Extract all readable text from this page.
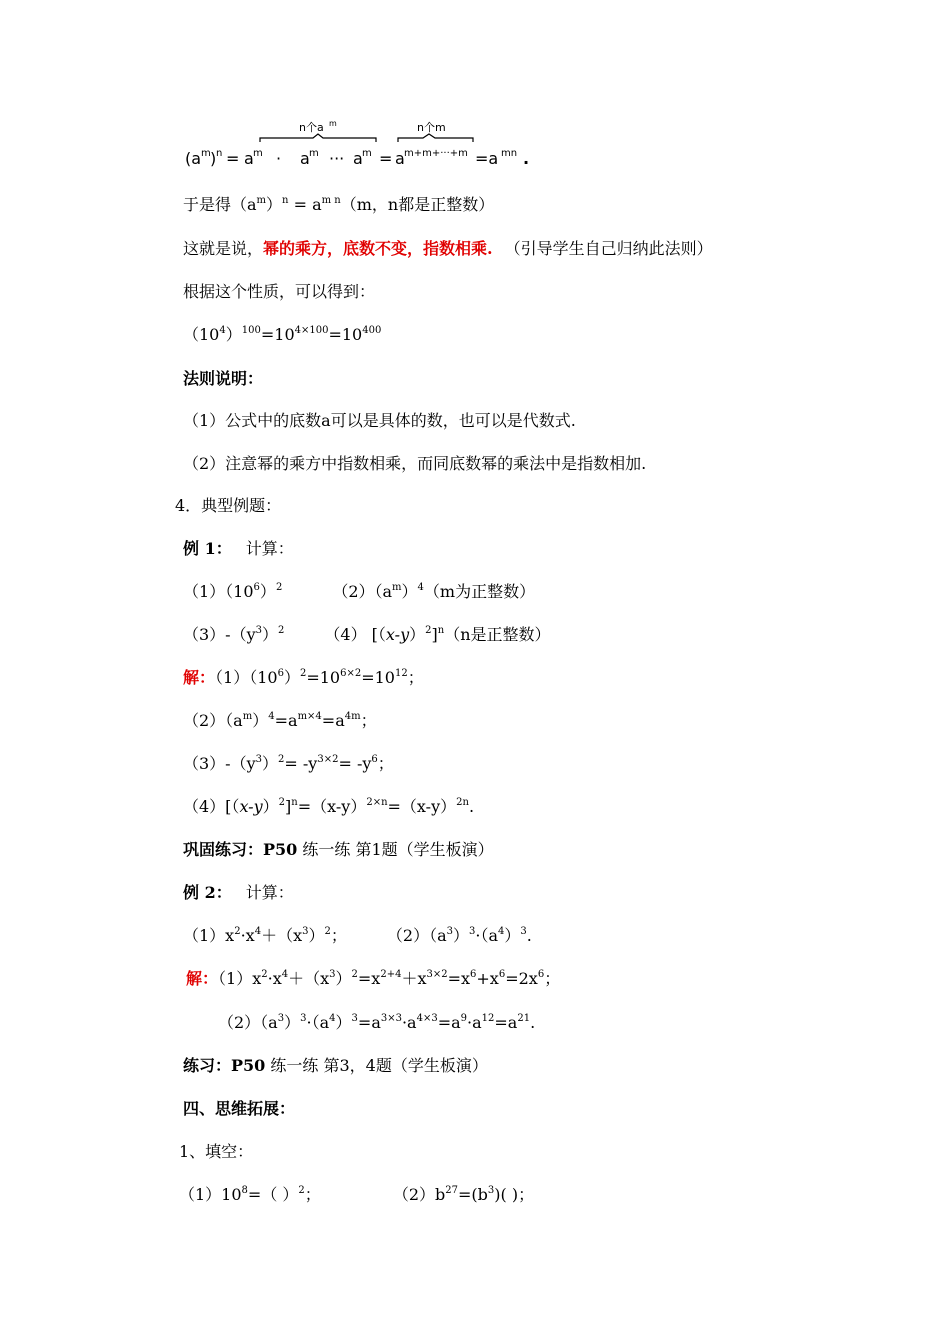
(a m ) n = a m · a m ··· a m
n个a m
= a m+m+···+m
n个m
=a mn .
于是得$(a^m)^n = a^{m n}(m$，n都是正整数）
这就是说，幂的乘方，底数不变，指数相乘. （引导学生自己归纳此法则）
根据这个性质，可以得到：
$(10^4)^{100}=10^{4\times 100}=10^{400}$
法则说明：
（1）公式中的底数a可以是具体的数，也可以是代数式.
（2）注意幂的乘方中指数相乘，而同底数幂的乘法中是指数相加.
4．典型例题：
例 1： 计算：
$(1)(10^6)^2$	$(2)(a^m)^4(m$为正整数）
$(3)-(y^3)^2$	（4） $[(x-y)^2]^n(n$是正整数）
解：$(1)(10^6)^2=10^{6\times 2}=10^{12}$；
$(2)(a^m)^4=a^{m\times 4}=a^{4m}$；
$(3)-(y^3)^2= -y^{3\times 2}= -y^6$；
$(4)[(x-y)^2]^n=(x-y)^{2\times n}=(x-y)^{2n}$.
巩固练习：P50 练一练 第1题（学生板演）
例 2： 计算：
$(1)x^2\cdot x^4+(x^3)^2$；	$(2)(a^3)^3\cdot(a^4)^3$.
解：$(1)x^2\cdot x^4+(x^3)^2=x^{2+4}+x^{3\times 2}=x^6+x^6=2x^6$；
$(2)(a^3)^3\cdot(a^4)^3=a^{3\times 3}\cdot a^{4\times 3}=a^9\cdot a^{12}=a^{21}$.
练习：P50 练一练 第3，4题（学生板演）
四、思维拓展：
1、填空：
$(1)10^8=$（ ）$^2$；	$(2)b^{27}=(b^3)$( )；
